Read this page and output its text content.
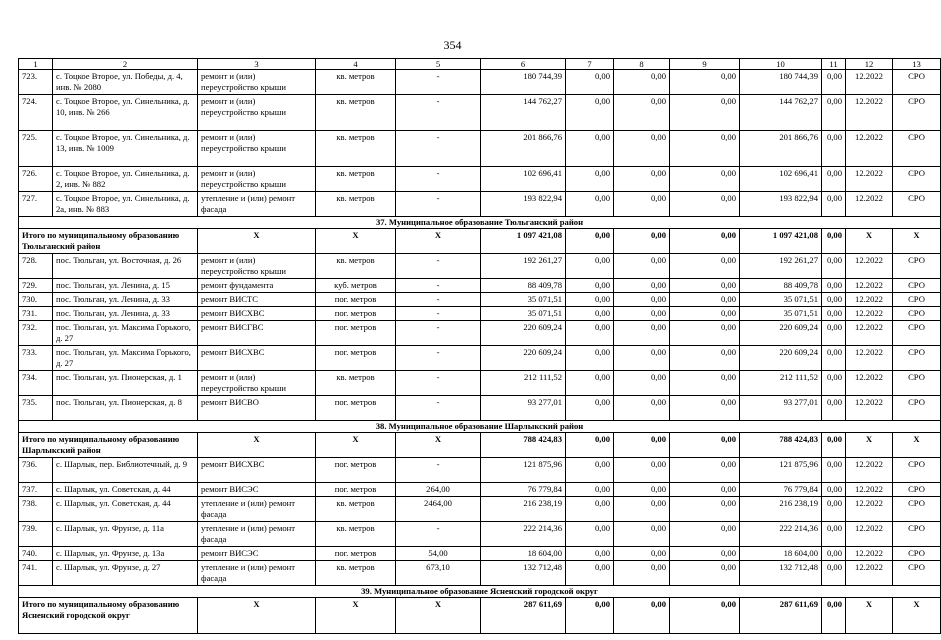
354
1	2	3	4	5	6	7	8	9	10	11	12	13
723.	с. Тоцкое Второе, ул. Победы, д. 4, инв. № 2080	ремонт и (или) переустройство крыши	кв. метров	-	180 744,39	0,00	0,00	0,00	180 744,39	0,00	12.2022	СРО
724.	с. Тоцкое Второе, ул. Синельника, д. 10, инв. № 266	ремонт и (или) переустройство крыши	кв. метров	-	144 762,27	0,00	0,00	0,00	144 762,27	0,00	12.2022	СРО
725.	с. Тоцкое Второе, ул. Синельника, д. 13, инв. № 1009	ремонт и (или) переустройство крыши	кв. метров	-	201 866,76	0,00	0,00	0,00	201 866,76	0,00	12.2022	СРО
726.	с. Тоцкое Второе, ул. Синельника, д. 2, инв. № 882	ремонт и (или) переустройство крыши	кв. метров	-	102 696,41	0,00	0,00	0,00	102 696,41	0,00	12.2022	СРО
727.	с. Тоцкое Второе, ул. Синельника, д. 2а, инв. № 883	утепление и (или) ремонт фасада	кв. метров	-	193 822,94	0,00	0,00	0,00	193 822,94	0,00	12.2022	СРО
37. Муниципальное образование Тюльганский район												
Итого по муниципальному образованию Тюльганский район		X	X	X	1 097 421,08	0,00	0,00	0,00	1 097 421,08	0,00	X	X
728.	пос. Тюльган, ул. Восточная, д. 26	ремонт и (или) переустройство крыши	кв. метров	-	192 261,27	0,00	0,00	0,00	192 261,27	0,00	12.2022	СРО
729.	пос. Тюльган, ул. Ленина, д. 15	ремонт фундамента	куб. метров	-	88 409,78	0,00	0,00	0,00	88 409,78	0,00	12.2022	СРО
730.	пос. Тюльган, ул. Ленина, д. 33	ремонт ВИСТС	пог. метров	-	35 071,51	0,00	0,00	0,00	35 071,51	0,00	12.2022	СРО
731.	пос. Тюльган, ул. Ленина, д. 33	ремонт ВИСХВС	пог. метров	-	35 071,51	0,00	0,00	0,00	35 071,51	0,00	12.2022	СРО
732.	пос. Тюльган, ул. Максима Горького, д. 27	ремонт ВИСГВС	пог. метров	-	220 609,24	0,00	0,00	0,00	220 609,24	0,00	12.2022	СРО
733.	пос. Тюльган, ул. Максима Горького, д. 27	ремонт ВИСХВС	пог. метров	-	220 609,24	0,00	0,00	0,00	220 609,24	0,00	12.2022	СРО
734.	пос. Тюльган, ул. Пионерская, д. 1	ремонт и (или) переустройство крыши	кв. метров	-	212 111,52	0,00	0,00	0,00	212 111,52	0,00	12.2022	СРО
735.	пос. Тюльган, ул. Пионерская, д. 8	ремонт ВИСВО	пог. метров	-	93 277,01	0,00	0,00	0,00	93 277,01	0,00	12.2022	СРО
38. Муниципальное образование Шарлыкский район												
Итого по муниципальному образованию Шарлыкский район		X	X	X	788 424,83	0,00	0,00	0,00	788 424,83	0,00	X	X
736.	с. Шарлык, пер. Библиотечный, д. 9	ремонт ВИСХВС	пог. метров	-	121 875,96	0,00	0,00	0,00	121 875,96	0,00	12.2022	СРО
737.	с. Шарлык, ул. Советская, д. 44	ремонт ВИСЭС	пог. метров	264,00	76 779,84	0,00	0,00	0,00	76 779,84	0,00	12.2022	СРО
738.	с. Шарлык, ул. Советская, д. 44	утепление и (или) ремонт фасада	кв. метров	2464,00	216 238,19	0,00	0,00	0,00	216 238,19	0,00	12.2022	СРО
739.	с. Шарлык, ул. Фрунзе, д. 11а	утепление и (или) ремонт фасада	кв. метров	-	222 214,36	0,00	0,00	0,00	222 214,36	0,00	12.2022	СРО
740.	с. Шарлык, ул. Фрунзе, д. 13а	ремонт ВИСЭС	пог. метров	54,00	18 604,00	0,00	0,00	0,00	18 604,00	0,00	12.2022	СРО
741.	с. Шарлык, ул. Фрунзе, д. 27	утепление и (или) ремонт фасада	кв. метров	673,10	132 712,48	0,00	0,00	0,00	132 712,48	0,00	12.2022	СРО
39. Муниципальное образование Ясненский городской округ												
Итого по муниципальному образованию Ясненский городской округ		X	X	X	287 611,69	0,00	0,00	0,00	287 611,69	0,00	X	X
